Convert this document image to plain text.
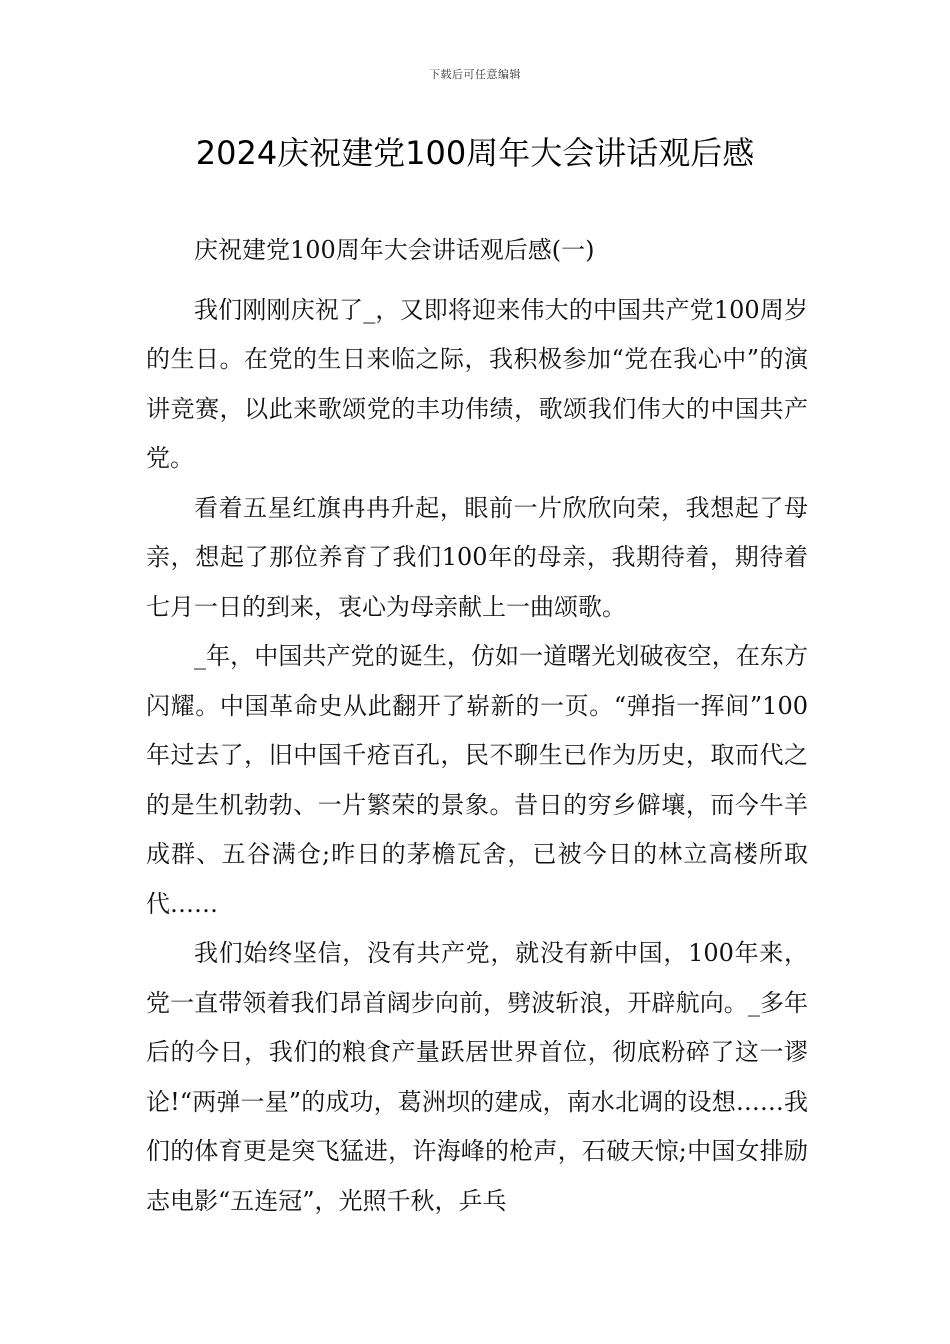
下载后可任意编辑
2024庆祝建党100周年大会讲话观后感

庆祝建党100周年大会讲话观后感(一)

我们刚刚庆祝了_，又即将迎来伟大的中国共产党100周岁的生日。在党的生日来临之际，我积极参加“党在我心中”的演讲竞赛，以此来歌颂党的丰功伟绩，歌颂我们伟大的中国共产党。

看着五星红旗冉冉升起，眼前一片欣欣向荣，我想起了母亲，想起了那位养育了我们100年的母亲，我期待着，期待着七月一日的到来，衷心为母亲献上一曲颂歌。

_年，中国共产党的诞生，仿如一道曙光划破夜空，在东方闪耀。中国革命史从此翻开了崭新的一页。“弹指一挥间”100年过去了，旧中国千疮百孔，民不聊生已作为历史，取而代之的是生机勃勃、一片繁荣的景象。昔日的穷乡僻壤，而今牛羊成群、五谷满仓;昨日的茅檐瓦舍，已被今日的林立高楼所取代……

我们始终坚信，没有共产党，就没有新中国，100年来，党一直带领着我们昂首阔步向前，劈波斩浪，开辟航向。_多年后的今日，我们的粮食产量跃居世界首位，彻底粉碎了这一谬论!“两弹一星”的成功，葛洲坝的建成，南水北调的设想……我们的体育更是突飞猛进，许海峰的枪声，石破天惊;中国女排励志电影“五连冠”，光照千秋，乒乓
